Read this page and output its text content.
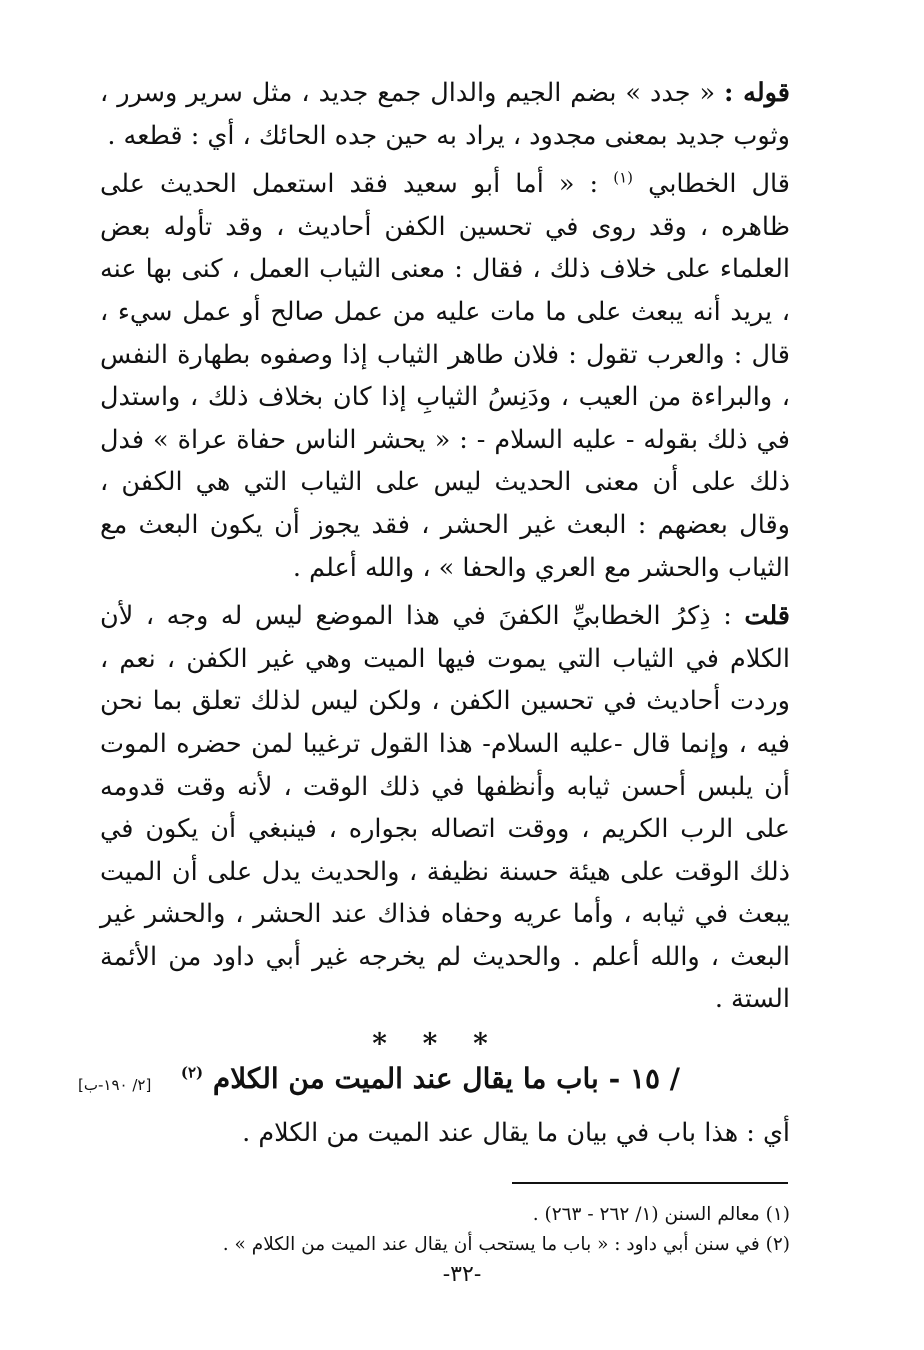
قوله : « جدد » بضم الجيم والدال جمع جديد ، مثل سرير وسرر ، وثوب جديد بمعنى مجدود ، يراد به حين جده الحائك ، أي : قطعه .

قال الخطابي $^{(١)}$ : « أما أبو سعيد فقد استعمل الحديث على ظاهره ، وقد روى في تحسين الكفن أحاديث ، وقد تأوله بعض العلماء على خلاف ذلك ، فقال : معنى الثياب العمل ، كنى بها عنه ، يريد أنه يبعث على ما مات عليه من عمل صالح أو عمل سيء ، قال : والعرب تقول : فلان طاهر الثياب إذا وصفوه بطهارة النفس ، والبراءة من العيب ، ودَنِسُ الثيابِ إذا كان بخلاف ذلك ، واستدل في ذلك بقوله - عليه السلام - : « يحشر الناس حفاة عراة » فدل ذلك على أن معنى الحديث ليس على الثياب التي هي الكفن ، وقال بعضهم : البعث غير الحشر ، فقد يجوز أن يكون البعث مع الثياب والحشر مع العري والحفا » ، والله أعلم .

قلت : ذِكرُ الخطابيِّ الكفنَ في هذا الموضع ليس له وجه ، لأن الكلام في الثياب التي يموت فيها الميت وهي غير الكفن ، نعم ، وردت أحاديث في تحسين الكفن ، ولكن ليس لذلك تعلق بما نحن فيه ، وإنما قال -عليه السلام- هذا القول ترغيبا لمن حضره الموت أن يلبس أحسن ثيابه وأنظفها في ذلك الوقت ، لأنه وقت قدومه على الرب الكريم ، ووقت اتصاله بجواره ، فينبغي أن يكون في ذلك الوقت على هيئة حسنة نظيفة ، والحديث يدل على أن الميت يبعث في ثيابه ، وأما عريه وحفاه فذاك عند الحشر ، والحشر غير البعث ، والله أعلم . والحديث لم يخرجه غير أبي داود من الأئمة الستة .

* * *
/ ١٥ - باب ما يقال عند الميت من الكلام $^{(٢)}$
[٢/ ١٩٠-ب]

أي : هذا باب في بيان ما يقال عند الميت من الكلام .

(١) معالم السنن (١/ ٢٦٢ - ٢٦٣) .

(٢) في سنن أبي داود : « باب ما يستحب أن يقال عند الميت من الكلام » .

-٣٢-
